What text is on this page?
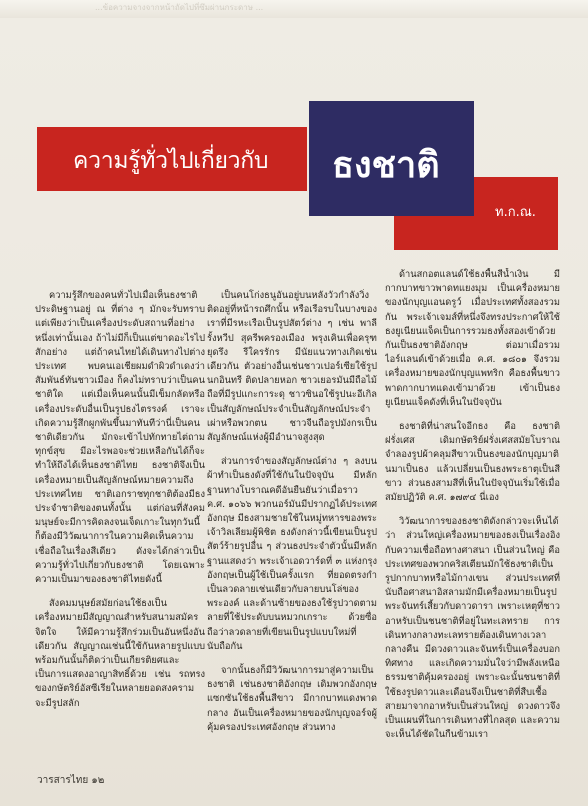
...ข้อความจางจากหน้าถัดไปที่ซึมผ่านกระดาษ ...
ความรู้ทั่วไปเกี่ยวกับ ธงชาติ
ท.ก.ณ.

ความรู้สึกของคนทั่วไปเมื่อเห็นธงชาติ ประดิษฐานอยู่ ณ ที่ต่าง ๆ มักจะรับทราบแต่เพียงว่าเป็นเครื่องประดับสถานที่อย่างหนึ่งเท่านั้นเอง ถ้าไม่มีก็เป็นแต่ขาดอะไรไปสักอย่าง แต่ถ้าคนไทยได้เดินทางไปต่างประเทศ พบคนเอเชียผมดำผิวดำเดงว่าสัมพันธ์ทันชาวเมือง ก็คงไม่ทราบว่าเป็นคนชาติใด แต่เมื่อเห็นคนนั้นมีเข็มกลัดหรือเครื่องประดับอื่นเป็นรูปธงไตรรงค์ เราจะเกิดความรู้สึกผูกพันขึ้นมาทันทีว่านี่เป็นคนชาติเดียวกัน มักจะเข้าไปทักทายไต่ถามทุกข์สุข มีอะไรพอจะช่วยเหลือกันได้ก็จะทำให้ถึงได้เห็นธงชาติไทย ธงชาติจึงเป็นเครื่องหมายเป็นสัญลักษณ์หมายความถึงประเทศไทย ชาติเอกราชทุกชาติต้องมีธงประจำชาติของตนทั้งนั้น แต่ก่อนที่สังคมมนุษย์จะมีการคิดลงจนเจ็ดเกาะในทุกวันนี้ ก็ต้องมีวิวัฒนาการในความคิดเห็นความเชื่อถือในเรื่องสีเดียว ดังจะได้กล่าวเป็นความรู้ทั่วไปเกี่ยวกับธงชาติ โดยเฉพาะความเป็นมาของธงชาติไทยดังนี้

สังคมมนุษย์สมัยก่อนใช้ธงเป็นเครื่องหมายมีสัญญาณสำหรับสนามสมัครจิตใจ ให้มีความรู้สึกร่วมเป็นอันหนึ่งอันเดียวกัน สัญญาณเช่นนี้ใช้กันหลายรูปแบบ พร้อมกันนั้นก็ติดว่าเป็นเกียรติยศและเป็นการแสดงอาญาสิทธิ์ด้วย เช่น รถทรงของกษัตริย์อัสซีเรียในหลายยอดสงคราม จะมีรูปสลัก

เป็นคนโก่งธนูอันอยู่บนหลังวัวกำลังวิ่งติดอยู่ที่หน้ารถศึกนั้น หรือเรือรบในบางของเราที่มีรหะเรือเป็นรูปสัตว์ต่าง ๆ เช่น พาลีรั้งหวีป สุครีพครองเมือง พรุงเคินเพื่อครุฑยุดรึง รีใครรักร มีนัยแนวทางเกิดเช่นเดียวกัน ตัวอย่างอื่นเช่นชาวเปอร์เซียใช้รูปนกอินทรี ติดปลายหอก ชาวเยอรมันมีถือไม้ถือที่มีรูปแกะการะดุ ชาวซินอใช้รูปนะอีเกิลเป็นสัญลักษณ์ประจำเป็นสัญลักษณ์ประจำเผ่าหรือพวกตน ชาวจีนถือรูปมังกรเป็นสัญลักษณ์แห่งผู้มีอำนาจสูงสุด

ส่วนการจำของสัญลักษณ์ต่าง ๆ ลงบนผ้าทำเป็นธงดังที่ใช้กันในปัจจุบัน มีหลักฐานทางโบราณคดีอันยืนยันว่าเมื่อราว ค.ศ. ๑๐๖๖ พวกนอร์มันมีปรากฏได้ประเทศอังกฤษ มีธงสามชายใช้ในหมู่ทหารของพระเจ้าวิลเลียมผู้พิชิต ธงดังกล่าวนี้เขียนเป็นรูปสัตว์ร้ายรูปอื่น ๆ ส่วนธงประจำตัวนั้นมีหลักฐานแสดงว่า พระเจ้าเอดวาร์ดที่ ๓ แห่งกรุงอังกฤษเป็นผู้ใช้เป็นครั้งแรก ที่ยอดตรงกำเป็นลวดลายเช่นเดียวกับลายบนโล่ของพระองค์ และด้านซ้ายของธงใช้รูปวาดตามลายที่ใช้ประดับบนหมวกเกราะ ด้วยซื่อถือว่าลวดลายที่เขียนเป็นรูปแบบใหม่ที่นับถือกัน

จากนั้นธงก็มีวิวัฒนาการมาสู่ความเป็นธงชาติ เช่นธงชาติอังกฤษ เดิมพวกอังกฤษแซกซันใช้ธงพื้นสีขาว มีกากบาทแดงพาดกลาง อันเป็นเครื่องหมายของนักบุญจอร์จผู้คุ้มครองประเทศอังกฤษ ส่วนทาง

ด้านสกอตแลนด์ใช้ธงพื้นสีน้ำเงิน มีกากบาทขาวพาดทแยงมุม เป็นเครื่องหมายของนักบุญแอนดรูว์ เมื่อประเทศทั้งสองรวมกัน พระเจ้าเจมส์ที่หนึ่งจึงทรงประกาศให้ใช้ธงยูเนียนแจ็คเป็นการรวมธงทั้งสองเข้าด้วยกันเป็นธงชาติอังกฤษ ต่อมาเมื่อรวมไอร์แลนด์เข้าด้วยเมื่อ ค.ศ. ๑๘๐๑ จึงรวมเครื่องหมายของนักบุญแพทริก คือธงพื้นขาวพาดกากบาทแดงเข้ามาด้วย เข้าเป็นธงยูเนียนแจ็คดังที่เห็นในปัจจุบัน

ธงชาติที่น่าสนใจอีกธง คือ ธงชาติฝรั่งเศส เดิมกษัตริย์ฝรั่งเศสสมัยโบราณจำลองรูปผ้าคลุมสีขาวเป็นธงของนักบุญมาตินมาเป็นธง แล้วเปลี่ยนเป็นธงพระธาตุเป็นสีขาว ส่วนธงสามสีที่เห็นในปัจจุบันเริ่มใช้เมื่อสมัยปฏิวัติ ค.ศ. ๑๗๙๔ นี่เอง

วิวัฒนาการของธงชาติดังกล่าวจะเห็นได้ว่า ส่วนใหญ่เครื่องหมายของธงเป็นเรื่องอิงกับความเชื่อถือทางศาสนา เป็นส่วนใหญ่ คือ ประเทศของพวกคริสเตียนมักใช้ธงชาติเป็นรูปกากบาทหรือไม้กางเขน ส่วนประเทศที่นับถือศาสนาอิสลามมักมีเครื่องหมายเป็นรูปพระจันทร์เสี้ยวกับดาวดารา เพราะเหตุที่ชาวอาหรับเป็นชนชาติที่อยู่ในทะเลทราย การเดินทางกลางทะเลทรายต้องเดินทางเวลากลางคืน มีดวงดาวและจันทร์เป็นเครื่องบอกทิศทาง และเกิดความมั่นใจว่ามีพลังเหนือธรรมชาติคุ้มครองอยู่ เพราะฉะนั้นชนชาติที่ใช้ธงรูปดาวและเดือนจึงเป็นชาติที่สืบเชื้อสายมาจากอาหรับเป็นส่วนใหญ่ ดวงดาวจึงเป็นแผนที่ในการเดินทางที่ไกลสุด และความจะเห็นได้ชัดในกืนข้ามเรา

วารสารไทย ๑๒
